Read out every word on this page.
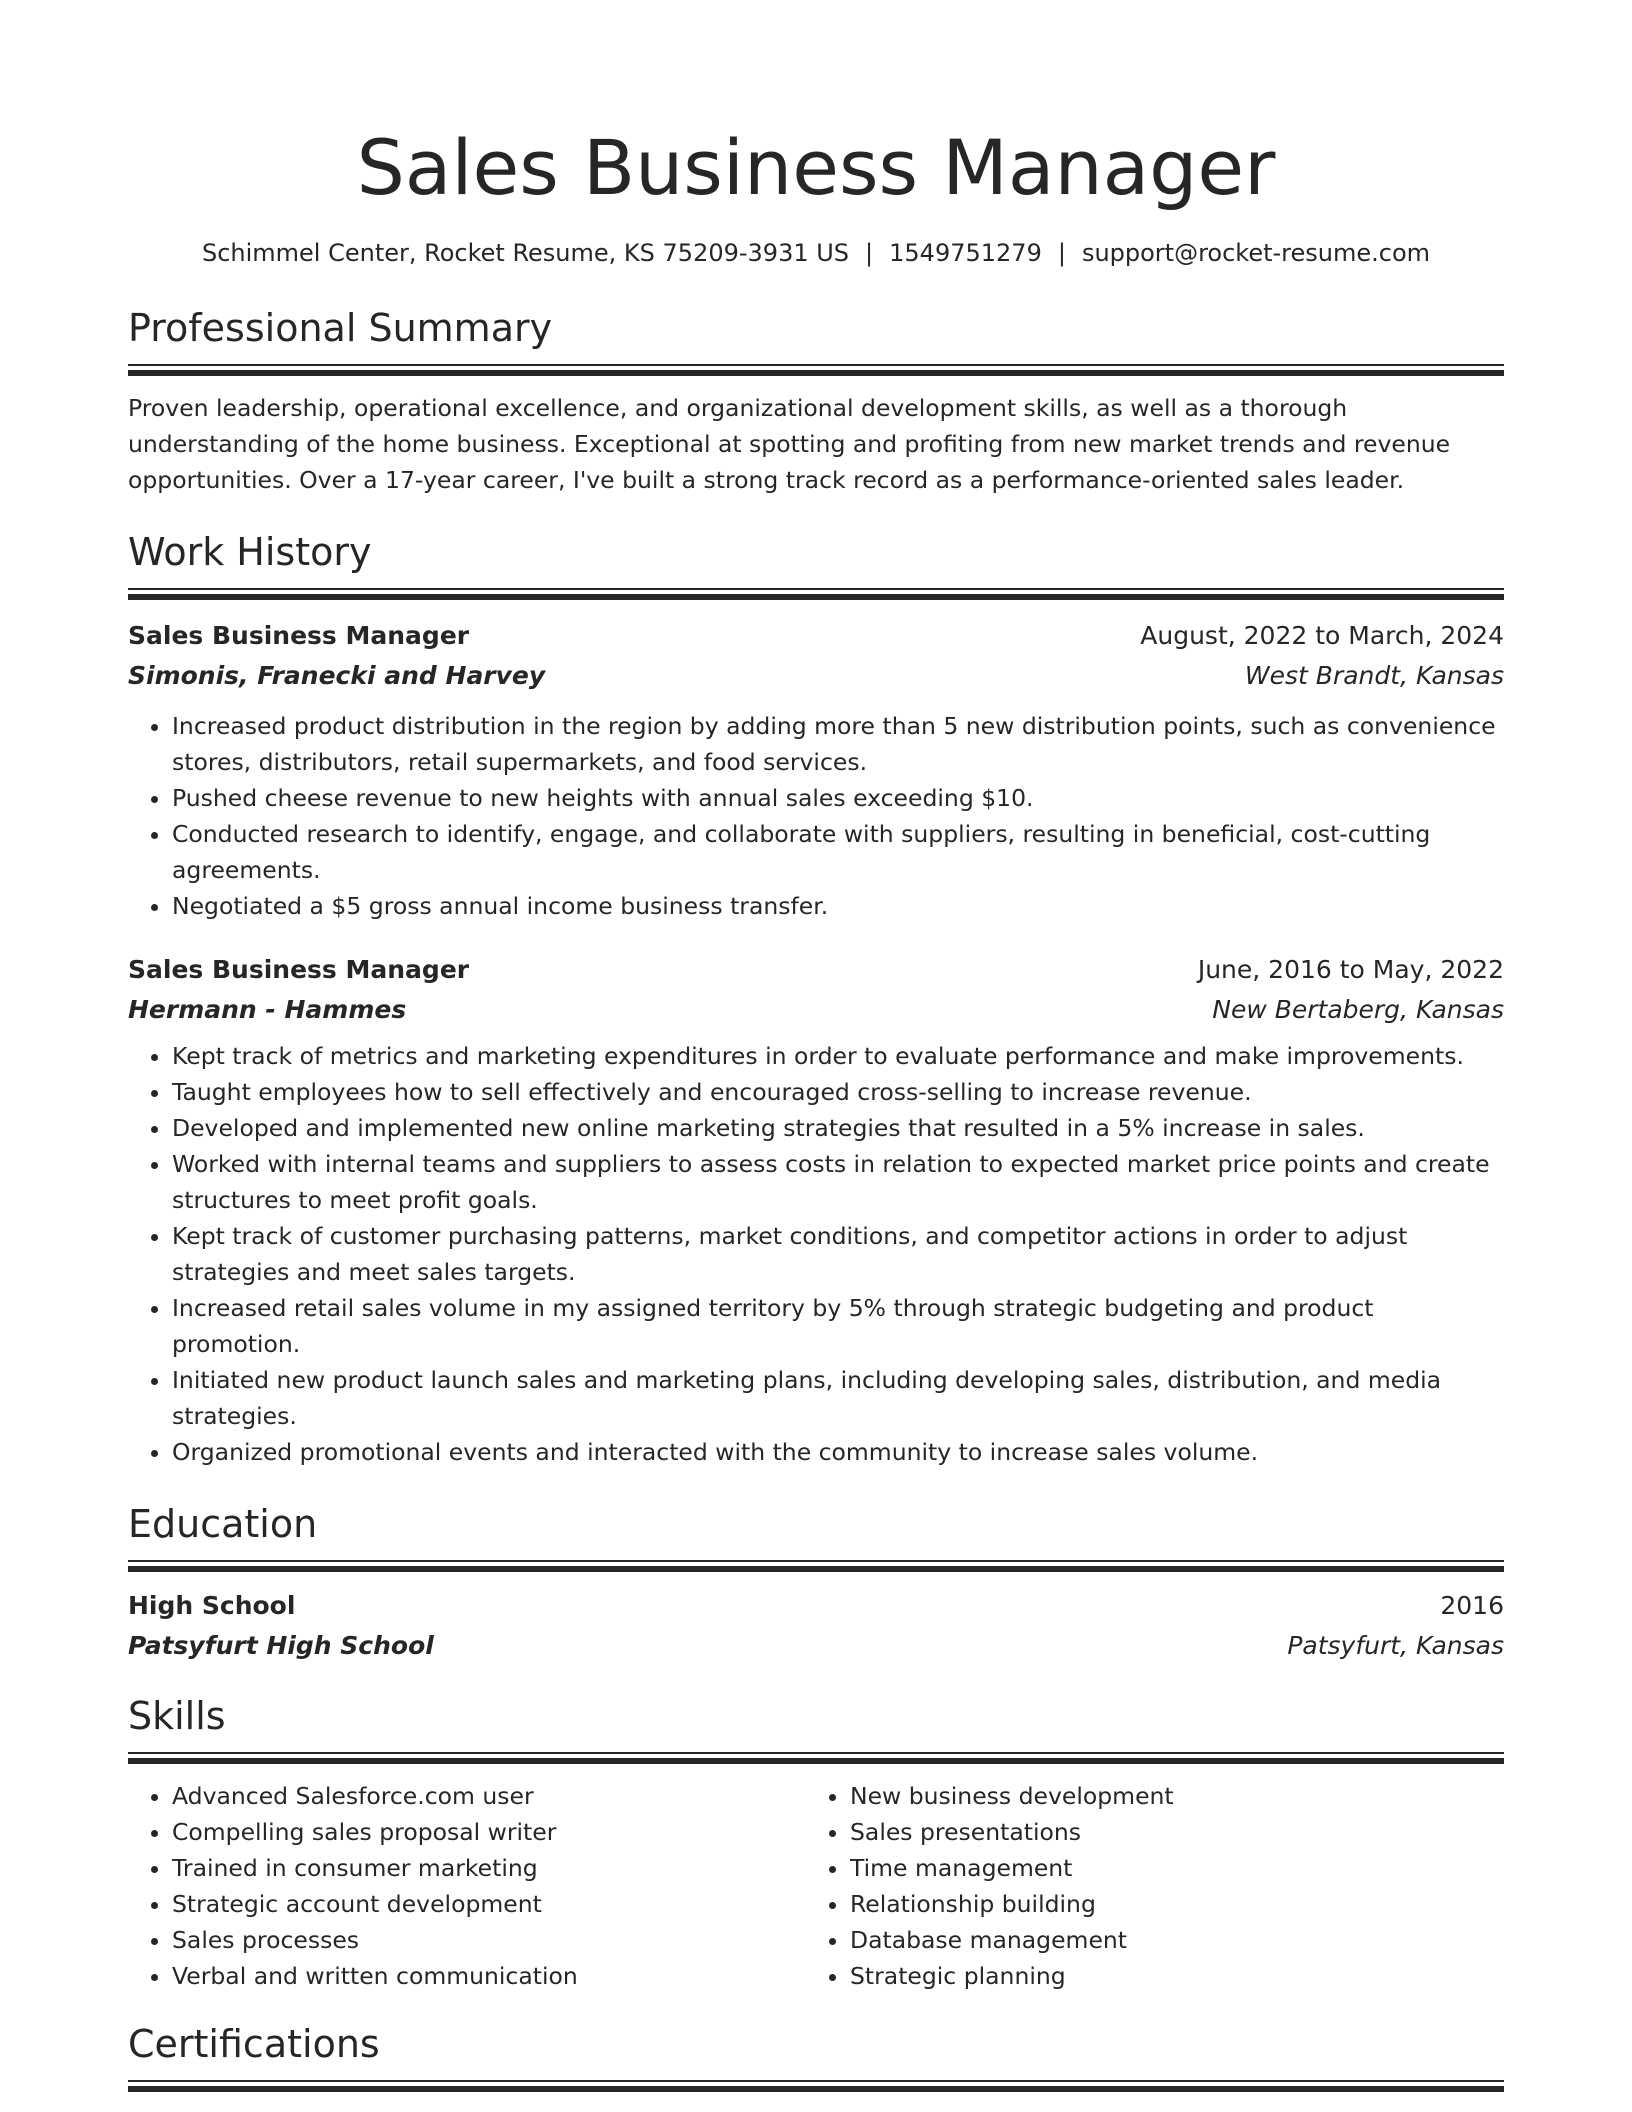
Sales Business Manager
Schimmel Center, Rocket Resume, KS 75209-3931 US | 1549751279 | support@rocket-resume.com
Professional Summary
Proven leadership, operational excellence, and organizational development skills, as well as a thorough understanding of the home business. Exceptional at spotting and profiting from new market trends and revenue opportunities. Over a 17-year career, I've built a strong track record as a performance-oriented sales leader.
Work History
Sales Business Manager	August, 2022 to March, 2024
Simonis, Franecki and Harvey	West Brandt, Kansas
• Increased product distribution in the region by adding more than 5 new distribution points, such as convenience stores, distributors, retail supermarkets, and food services.
• Pushed cheese revenue to new heights with annual sales exceeding $10.
• Conducted research to identify, engage, and collaborate with suppliers, resulting in beneficial, cost-cutting agreements.
• Negotiated a $5 gross annual income business transfer.
Sales Business Manager	June, 2016 to May, 2022
Hermann - Hammes	New Bertaberg, Kansas
• Kept track of metrics and marketing expenditures in order to evaluate performance and make improvements.
• Taught employees how to sell effectively and encouraged cross-selling to increase revenue.
• Developed and implemented new online marketing strategies that resulted in a 5% increase in sales.
• Worked with internal teams and suppliers to assess costs in relation to expected market price points and create structures to meet profit goals.
• Kept track of customer purchasing patterns, market conditions, and competitor actions in order to adjust strategies and meet sales targets.
• Increased retail sales volume in my assigned territory by 5% through strategic budgeting and product promotion.
• Initiated new product launch sales and marketing plans, including developing sales, distribution, and media strategies.
• Organized promotional events and interacted with the community to increase sales volume.
Education
High School	2016
Patsyfurt High School	Patsyfurt, Kansas
Skills
• Advanced Salesforce.com user
• Compelling sales proposal writer
• Trained in consumer marketing
• Strategic account development
• Sales processes
• Verbal and written communication
• New business development
• Sales presentations
• Time management
• Relationship building
• Database management
• Strategic planning
Certifications
